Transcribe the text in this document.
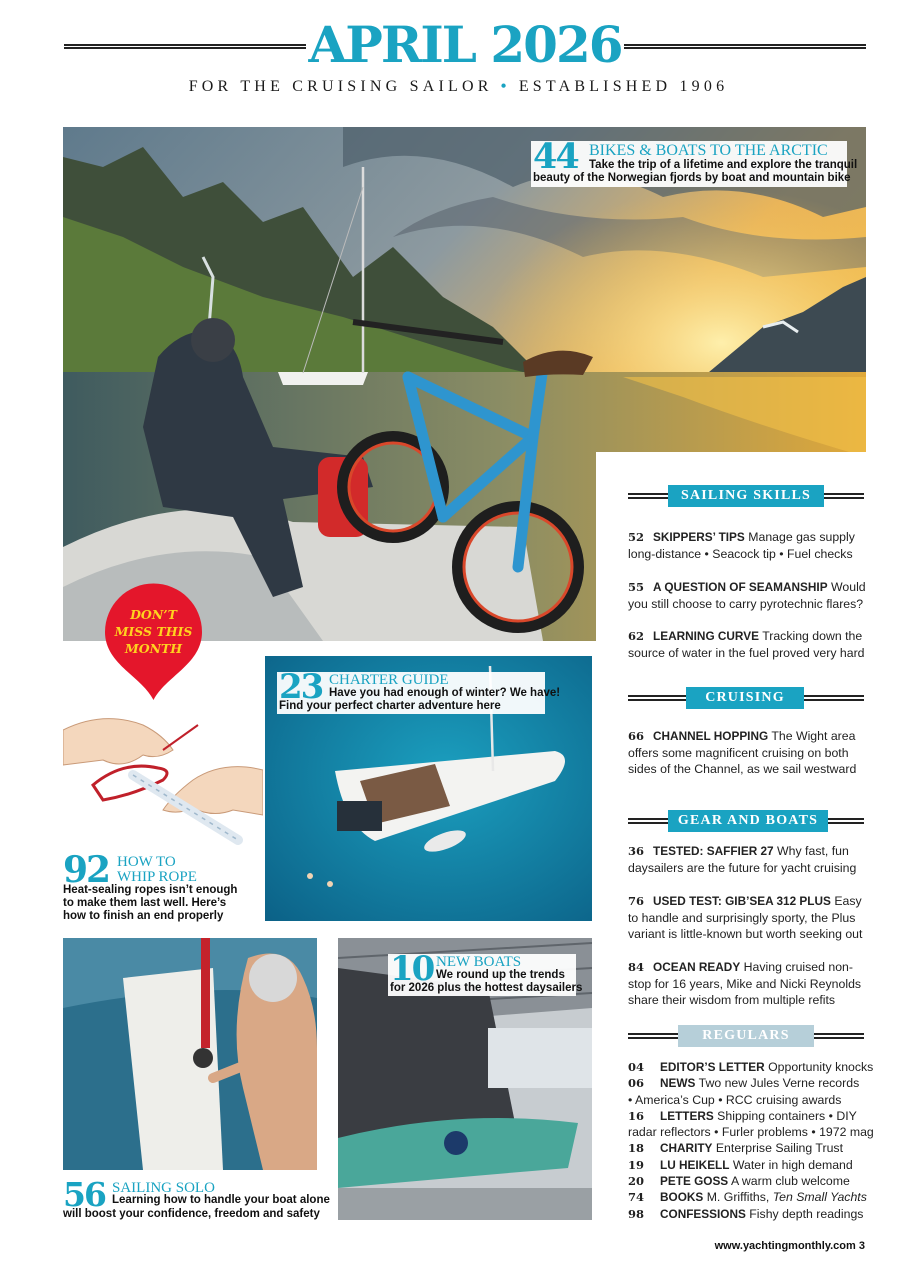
APRIL 2026
FOR THE CRUISING SAILOR • ESTABLISHED 1906
44 BIKES & BOATS TO THE ARCTIC
Take the trip of a lifetime and explore the tranquil
beauty of the Norwegian fjords by boat and mountain bike
DON’T
MISS THIS
MONTH
SAILING SKILLS
52 SKIPPERS’ TIPS Manage gas supply long-distance • Seacock tip • Fuel checks
55 A QUESTION OF SEAMANSHIP Would you still choose to carry pyrotechnic flares?
62 LEARNING CURVE Tracking down the source of water in the fuel proved very hard
CRUISING
66 CHANNEL HOPPING The Wight area offers some magnificent cruising on both sides of the Channel, as we sail westward
GEAR AND BOATS
36 TESTED: SAFFIER 27 Why fast, fun daysailers are the future for yacht cruising
76 USED TEST: GIB’SEA 312 PLUS Easy to handle and surprisingly sporty, the Plus variant is little-known but worth seeking out
84 OCEAN READY Having cruised non-stop for 16 years, Mike and Nicki Reynolds share their wisdom from multiple refits
REGULARS
04 EDITOR’S LETTER Opportunity knocks
06 NEWS Two new Jules Verne records
• America’s Cup • RCC cruising awards
16 LETTERS Shipping containers • DIY
radar reflectors • Furler problems • 1972 mag
18 CHARITY Enterprise Sailing Trust
19 LU HEIKELL Water in high demand
20 PETE GOSS A warm club welcome
74 BOOKS M. Griffiths, Ten Small Yachts
98 CONFESSIONS Fishy depth readings
92 HOW TO
WHIP ROPE
Heat-sealing ropes isn’t enough
to make them last well. Here’s
how to finish an end properly
23 CHARTER GUIDE
Have you had enough of winter? We have!
Find your perfect charter adventure here
56 SAILING SOLO
Learning how to handle your boat alone
will boost your confidence, freedom and safety
10 NEW BOATS
We round up the trends
for 2026 plus the hottest daysailers
www.yachtingmonthly.com 3
